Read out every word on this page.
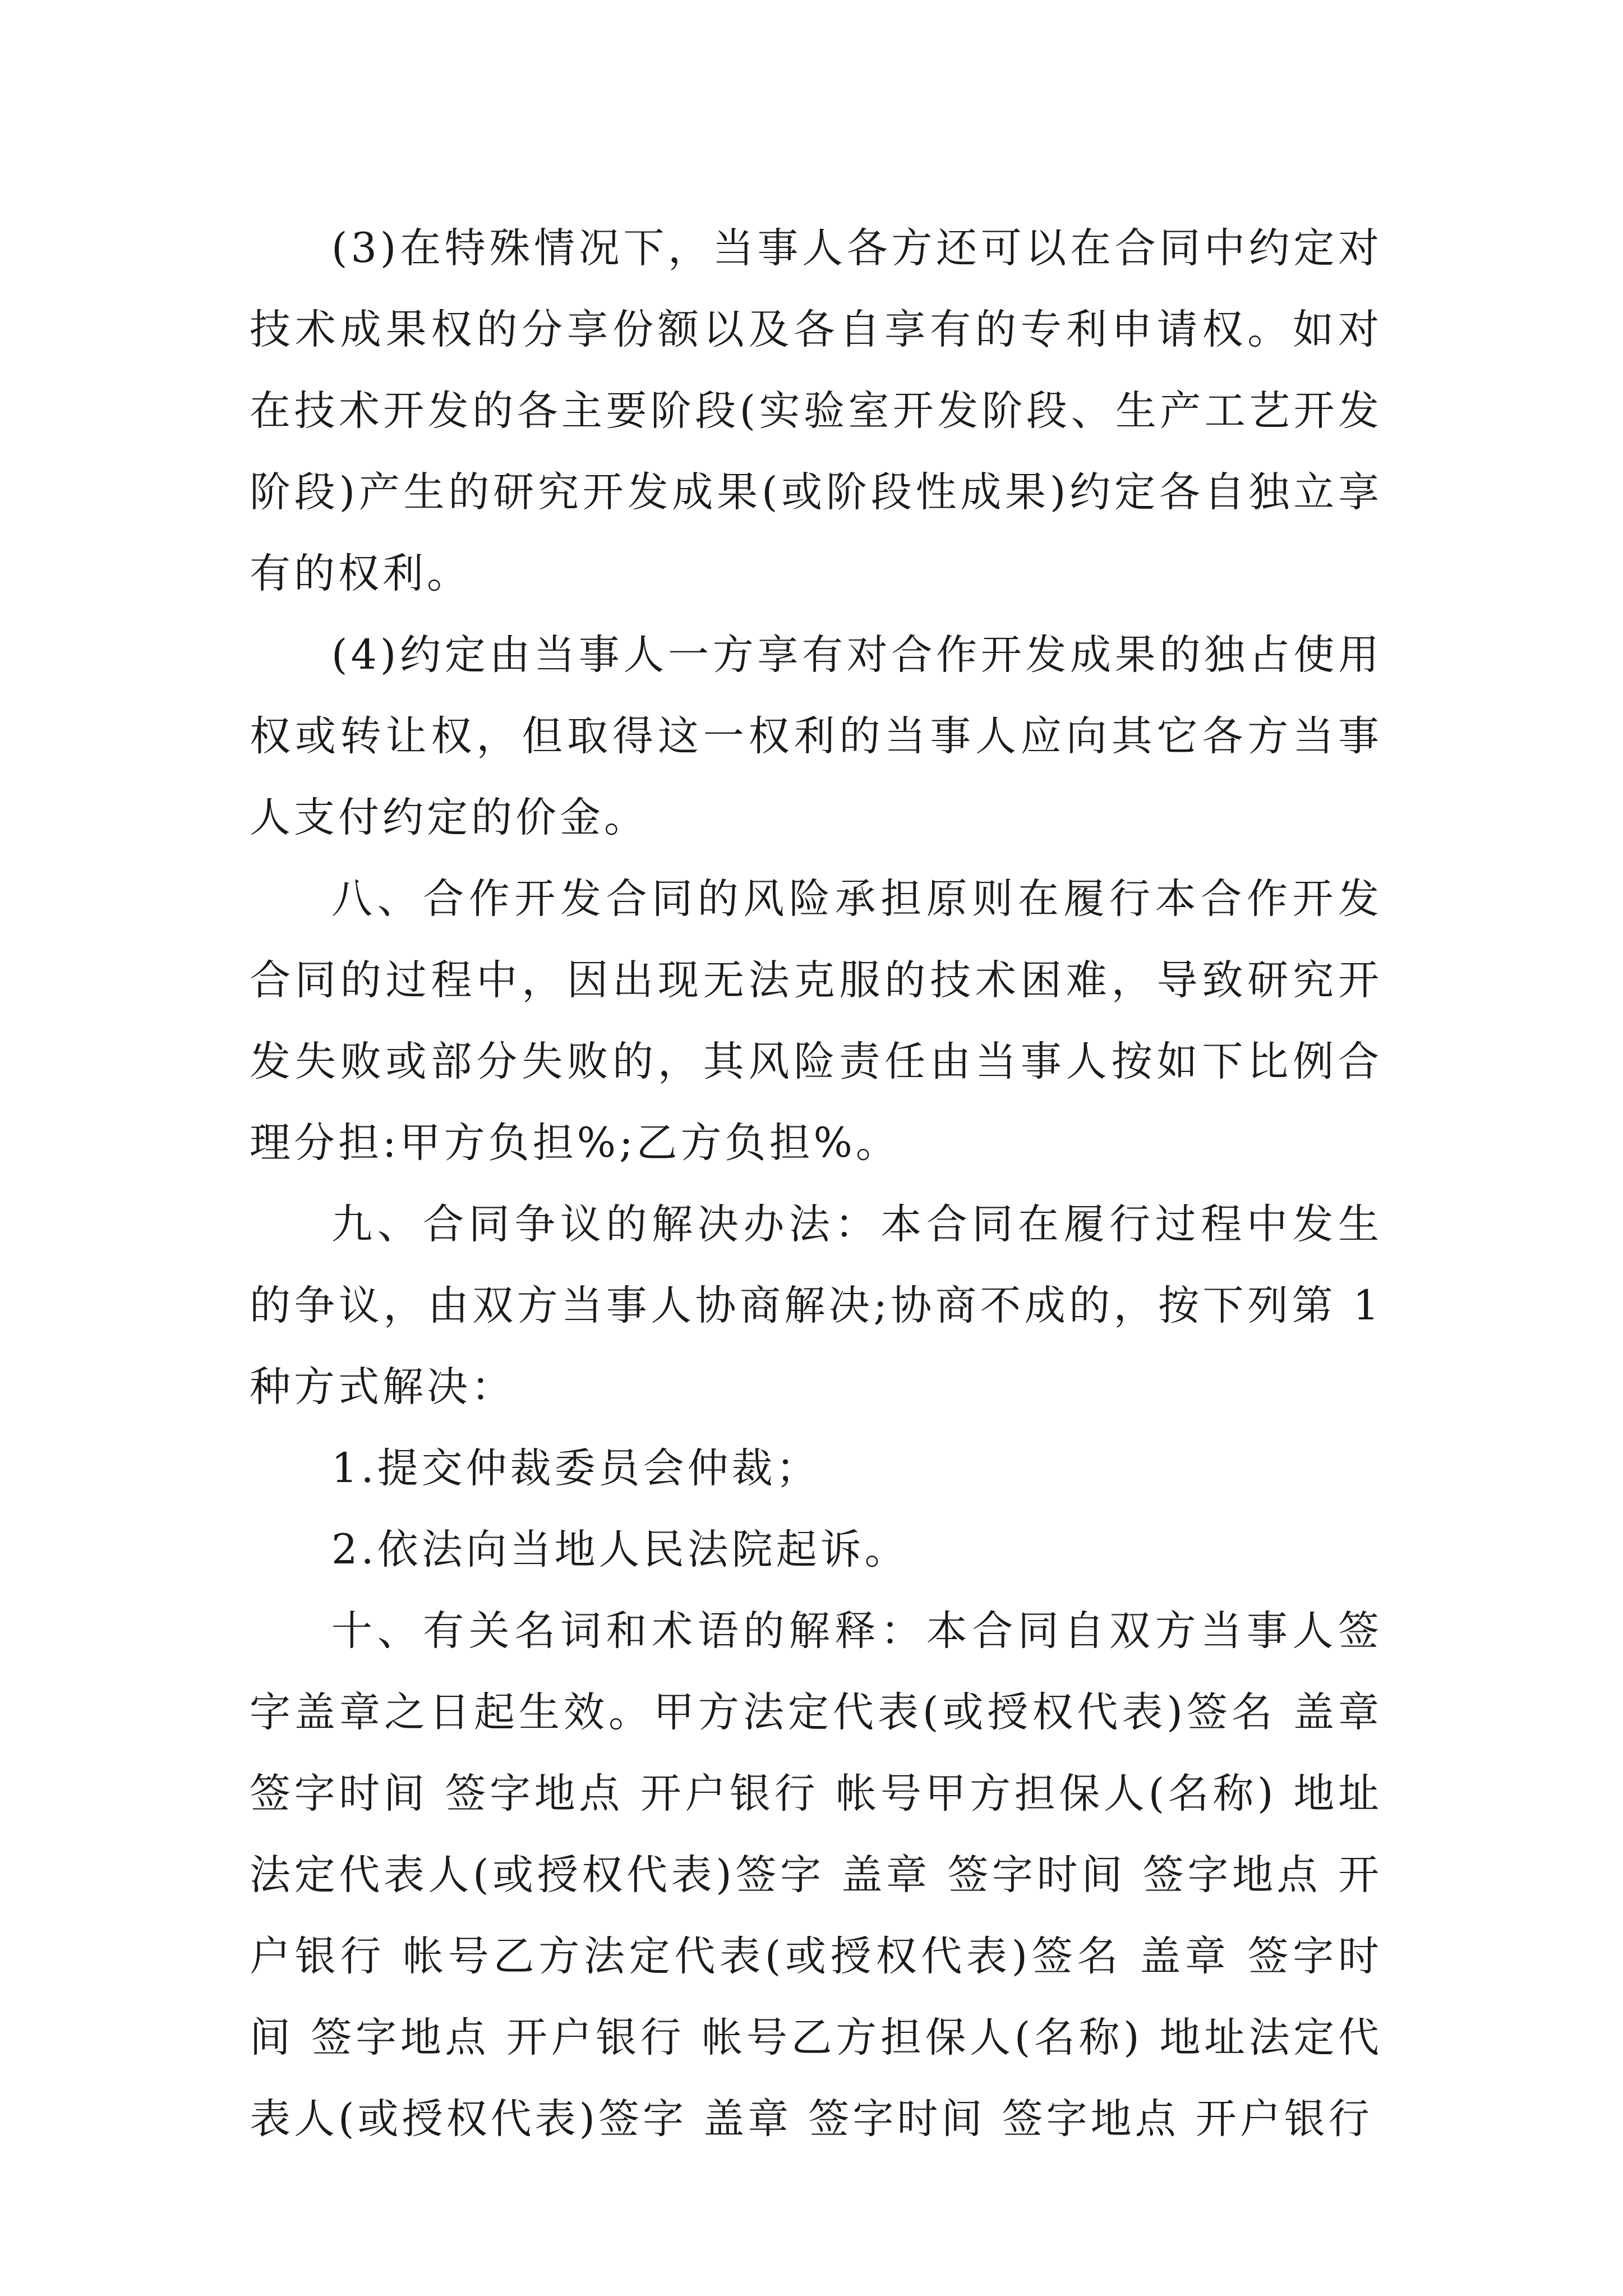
(3)在特殊情况下，当事人各方还可以在合同中约定对技术成果权的分享份额以及各自享有的专利申请权。如对在技术开发的各主要阶段(实验室开发阶段、生产工艺开发阶段)产生的研究开发成果(或阶段性成果)约定各自独立享有的权利。

(4)约定由当事人一方享有对合作开发成果的独占使用权或转让权，但取得这一权利的当事人应向其它各方当事人支付约定的价金。

八、合作开发合同的风险承担原则在履行本合作开发合同的过程中，因出现无法克服的技术困难，导致研究开发失败或部分失败的，其风险责任由当事人按如下比例合理分担:甲方负担%;乙方负担%。

九、合同争议的解决办法：本合同在履行过程中发生的争议，由双方当事人协商解决;协商不成的，按下列第 1 种方式解决：

1.提交仲裁委员会仲裁；

2.依法向当地人民法院起诉。

十、有关名词和术语的解释：本合同自双方当事人签字盖章之日起生效。甲方法定代表(或授权代表)签名 盖章 签字时间 签字地点 开户银行 帐号甲方担保人(名称) 地址法定代表人(或授权代表)签字 盖章 签字时间 签字地点 开户银行 帐号乙方法定代表(或授权代表)签名 盖章 签字时间 签字地点 开户银行 帐号乙方担保人(名称) 地址法定代表人(或授权代表)签字 盖章 签字时间 签字地点 开户银行
